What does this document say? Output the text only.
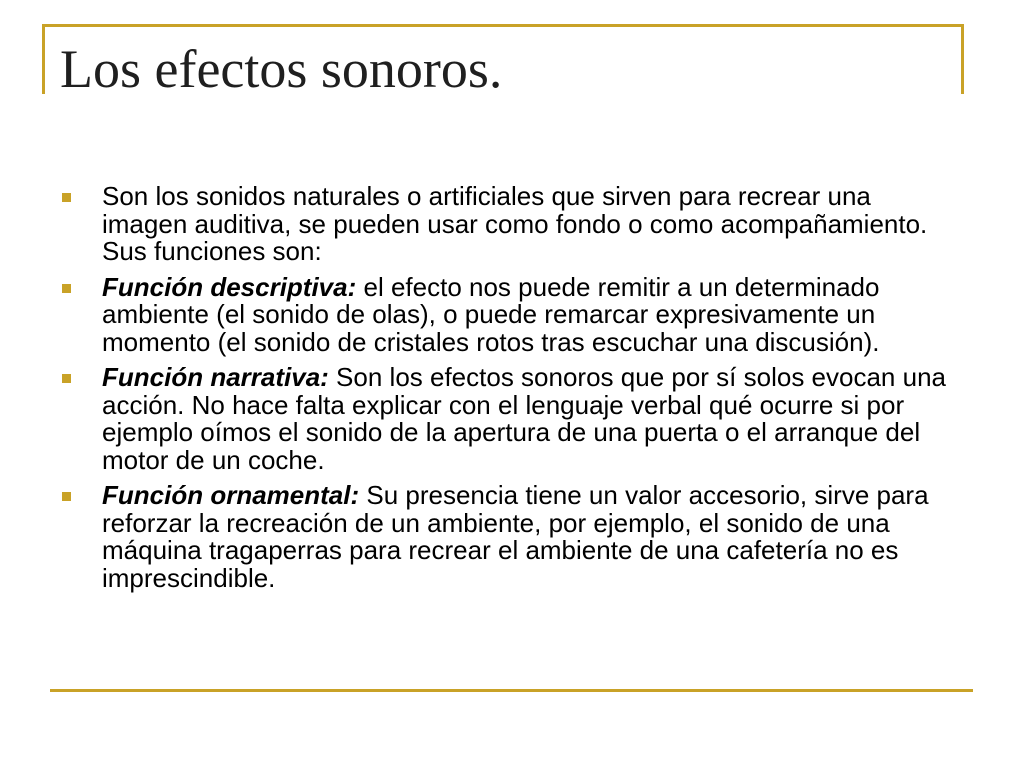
Los efectos sonoros.
Son los sonidos naturales o artificiales que sirven para recrear una imagen auditiva, se pueden usar como fondo o como acompañamiento. Sus funciones son:
Función descriptiva: el efecto nos puede remitir a un determinado ambiente (el sonido de olas), o puede remarcar expresivamente un momento (el sonido de cristales rotos tras escuchar una discusión).
Función narrativa: Son los efectos sonoros que por sí solos evocan una acción. No hace falta explicar con el lenguaje verbal qué ocurre si por ejemplo oímos el sonido de la apertura de una puerta o el arranque del motor de un coche.
Función ornamental: Su presencia tiene un valor accesorio, sirve para reforzar la recreación de un ambiente, por ejemplo, el sonido de una máquina tragaperras para recrear el ambiente de una cafetería no es imprescindible.
